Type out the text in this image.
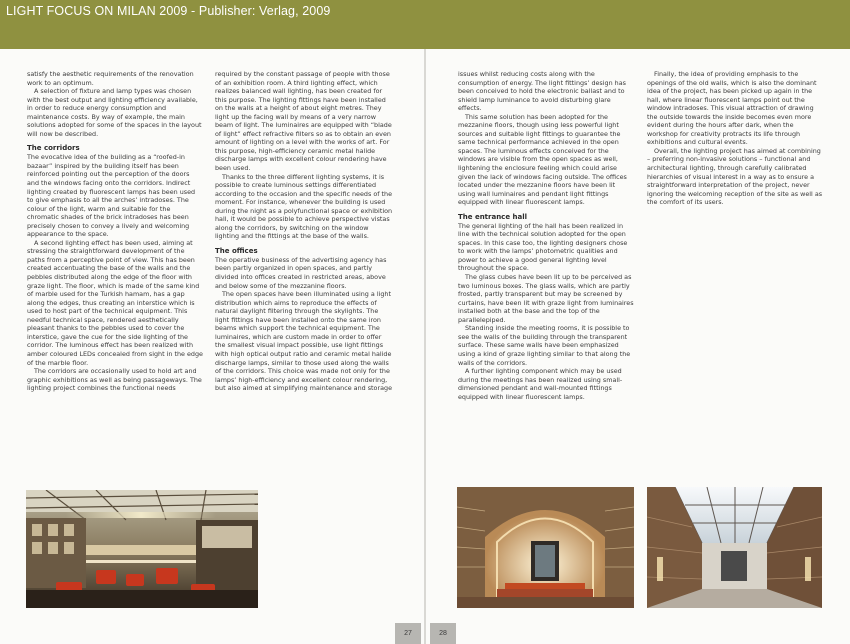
LIGHT FOCUS ON MILAN 2009 - Publisher: Verlag, 2009

satisfy the aesthetic requirements of the renovation work to an optimum.

A selection of fixture and lamp types was chosen with the best output and lighting efficiency available, in order to reduce energy consumption and maintenance costs. By way of example, the main solutions adopted for some of the spaces in the layout will now be described.

The corridors

The evocative idea of the building as a “roofed-in bazaar” inspired by the building itself has been reinforced pointing out the perception of the doors and the windows facing onto the corridors. Indirect lighting created by fluorescent lamps has been used to give emphasis to all the arches’ intradoses. The colour of the light, warm and suitable for the chromatic shades of the brick intradoses has been precisely chosen to convey a lively and welcoming appearance to the space.

A second lighting effect has been used, aiming at stressing the straightforward development of the paths from a perceptive point of view. This has been created accentuating the base of the walls and the pebbles distributed along the edge of the floor with graze light. The floor, which is made of the same kind of marble used for the Turkish hamam, has a gap along the edges, thus creating an interstice which is used to host part of the technical equipment. This needful technical space, rendered aesthetically pleasant thanks to the pebbles used to cover the interstice, gave the cue for the side lighting of the corridor. The luminous effect has been realized with amber coloured LEDs concealed from sight in the edge of the marble floor.

The corridors are occasionally used to hold art and graphic exhibitions as well as being passageways. The lighting project combines the functional needs

required by the constant passage of people with those of an exhibition room. A third lighting effect, which realizes balanced wall lighting, has been created for this purpose. The lighting fittings have been installed on the walls at a height of about eight metres. They light up the facing wall by means of a very narrow beam of light. The luminaires are equipped with “blade of light” effect refractive filters so as to obtain an even amount of lighting on a level with the works of art. For this purpose, high-efficiency ceramic metal halide discharge lamps with excellent colour rendering have been used.

Thanks to the three different lighting systems, it is possible to create luminous settings differentiated according to the occasion and the specific needs of the moment. For instance, whenever the building is used during the night as a polyfunctional space or exhibition hall, it would be possible to achieve perspective vistas along the corridors, by switching on the window lighting and the fittings at the base of the walls.

The offices

The operative business of the advertising agency has been partly organized in open spaces, and partly divided into offices created in restricted areas, above and below some of the mezzanine floors.

The open spaces have been illuminated using a light distribution which aims to reproduce the effects of natural daylight filtering through the skylights. The light fittings have been installed onto the same iron beams which support the technical equipment. The luminaires, which are custom made in order to offer the smallest visual impact possible, use light fittings with high optical output ratio and ceramic metal halide discharge lamps, similar to those used along the walls of the corridors. This choice was made not only for the lamps’ high-efficiency and excellent colour rendering, but also aimed at simplifying maintenance and storage

27

issues whilst reducing costs along with the consumption of energy. The light fittings’ design has been conceived to hold the electronic ballast and to shield lamp luminance to avoid disturbing glare effects.

This same solution has been adopted for the mezzanine floors, though using less powerful light sources and suitable light fittings to guarantee the same technical performance achieved in the open spaces. The luminous effects conceived for the windows are visible from the open spaces as well, lightening the enclosure feeling which could arise given the lack of windows facing outside. The offices located under the mezzanine floors have been lit using wall luminaires and pendant light fittings equipped with linear fluorescent lamps.

The entrance hall

The general lighting of the hall has been realized in line with the technical solution adopted for the open spaces. In this case too, the lighting designers chose to work with the lamps’ photometric qualities and power to achieve a good general lighting level throughout the space.

The glass cubes have been lit up to be perceived as two luminous boxes. The glass walls, which are partly frosted, partly transparent but may be screened by curtains, have been lit with graze light from luminaires installed both at the base and the top of the parallelepiped.

Standing inside the meeting rooms, it is possible to see the walls of the building through the transparent surface. These same walls have been emphasized using a kind of graze lighting similar to that along the walls of the corridors.

A further lighting component which may be used during the meetings has been realized using small-dimensioned pendant and wall-mounted fittings equipped with linear fluorescent lamps.

Finally, the idea of providing emphasis to the openings of the old walls, which is also the dominant idea of the project, has been picked up again in the hall, where linear fluorescent lamps point out the window intradoses. This visual attraction of drawing the outside towards the inside becomes even more evident during the hours after dark, when the workshop for creativity protracts its life through exhibitions and cultural events.

Overall, the lighting project has aimed at combining – preferring non-invasive solutions – functional and architectural lighting, through carefully calibrated hierarchies of visual interest in a way as to ensure a straightforward interpretation of the project, never ignoring the welcoming reception of the site as well as the comfort of its users.

28
